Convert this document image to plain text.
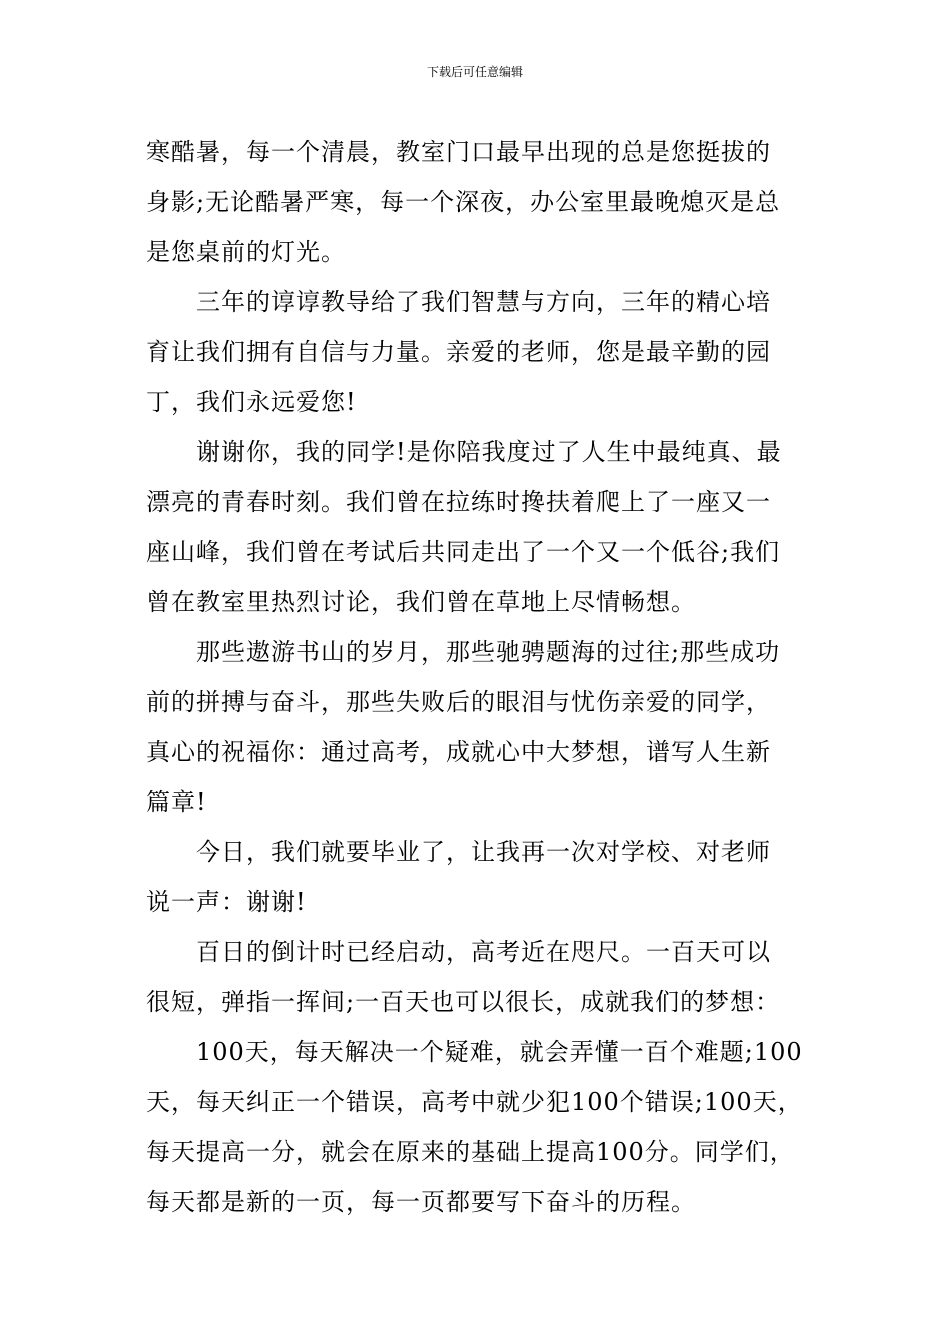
下载后可任意编辑
寒酷暑，每一个清晨，教室门口最早出现的总是您挺拔的
身影;无论酷暑严寒，每一个深夜，办公室里最晚熄灭是总
是您桌前的灯光。
三年的谆谆教导给了我们智慧与方向，三年的精心培
育让我们拥有自信与力量。亲爱的老师，您是最辛勤的园
丁，我们永远爱您!
谢谢你，我的同学!是你陪我度过了人生中最纯真、最
漂亮的青春时刻。我们曾在拉练时搀扶着爬上了一座又一
座山峰，我们曾在考试后共同走出了一个又一个低谷;我们
曾在教室里热烈讨论，我们曾在草地上尽情畅想。
那些遨游书山的岁月，那些驰骋题海的过往;那些成功
前的拼搏与奋斗，那些失败后的眼泪与忧伤亲爱的同学，
真心的祝福你：通过高考，成就心中大梦想，谱写人生新
篇章!
今日，我们就要毕业了，让我再一次对学校、对老师
说一声：谢谢!
百日的倒计时已经启动，高考近在咫尺。一百天可以
很短，弹指一挥间;一百天也可以很长，成就我们的梦想：
100天，每天解决一个疑难，就会弄懂一百个难题;100
天，每天纠正一个错误，高考中就少犯100个错误;100天，
每天提高一分，就会在原来的基础上提高100分。同学们，
每天都是新的一页，每一页都要写下奋斗的历程。
